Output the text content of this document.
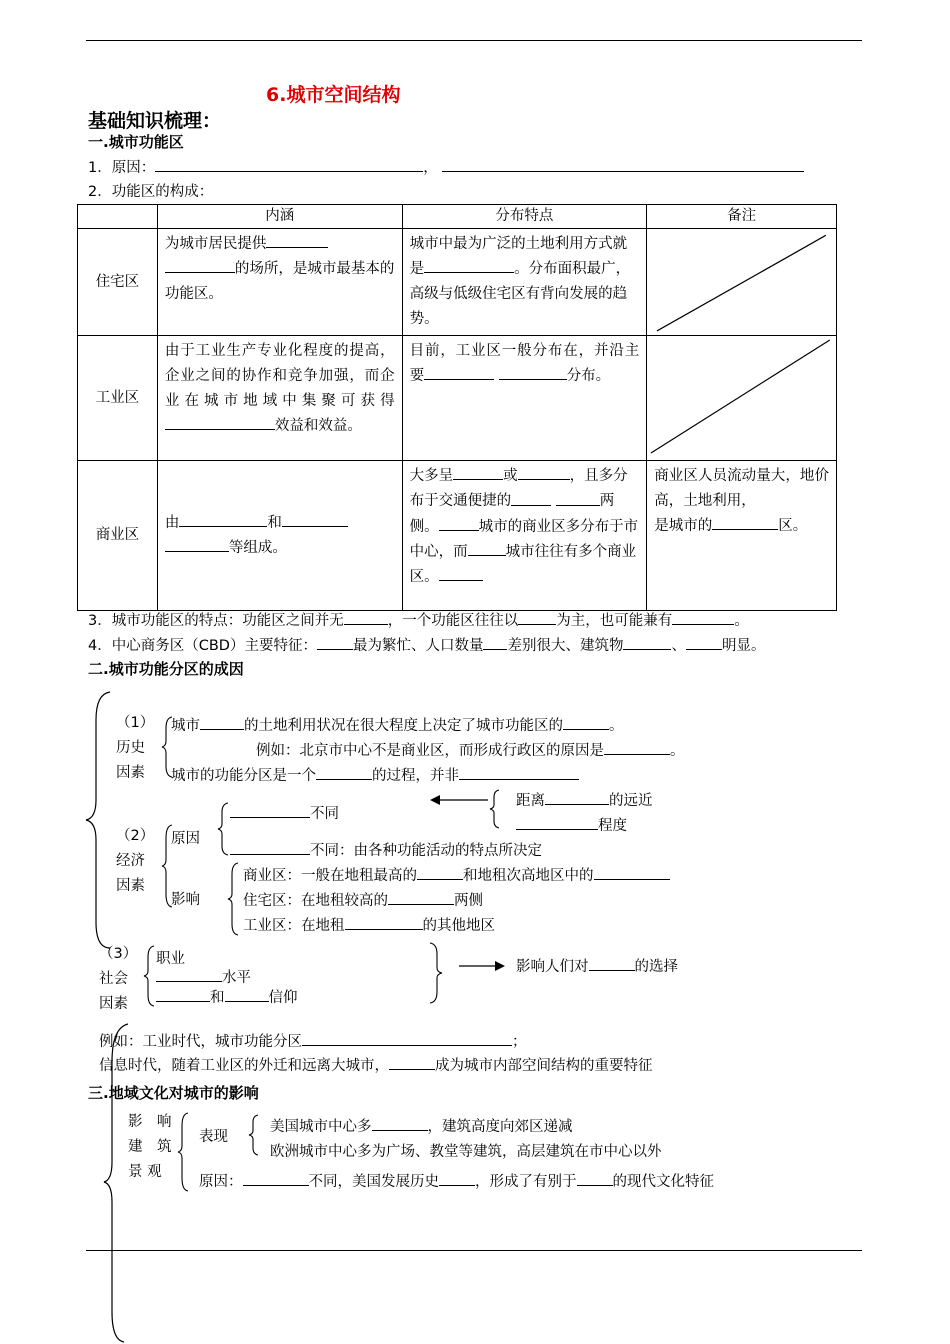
6.城市空间结构
基础知识梳理：
一.城市功能区
1．原因：	，
2．功能区的构成：
	内涵	分布特点	备注
住宅区	为城市居民提供 的场所，是城市最基本的功能区。	城市中最为广泛的土地利用方式就是 。分布面积最广，高级与低级住宅区有背向发展的趋势。	

工业区	由于工业生产专业化程度的提高，企业之间的协作和竞争加强，而企业在城市地域中集聚可获得效益和效益。	目前，工业区一般分布在，并沿主要 分布。	

商业区	由 和 等组成。	大多呈 或 ，且多分布于交通便捷的 两侧。 城市的商业区多分布于市中心，而 城市往往有多个商业区。	商业区人员流动量大，地价高，土地利用，
是城市的 区。
3．城市功能区的特点：功能区之间并无	，一个功能区往往以	为主，也可能兼有	。
4．中心商务区（CBD）主要特征： 最为繁忙、人口数量 差别很大、建筑物	、 明显。
二.城市功能分区的成因
（1）
历史
因素
城市	的土地利用状况在很大程度上决定了城市功能区的	。
例如：北京市中心不是商业区，而形成行政区的原因是	。
城市的功能分区是一个	的过程，并非
（2）
经济
因素
原因
影响
不同
距离	的远近
程度
不同：由各种功能活动的特点所决定
商业区：一般在地租最高的	和地租次高地区中的
住宅区：在地租较高的	两侧
工业区：在地租	的其他地区
（3）
社会
因素
职业
水平
和	信仰
影响人们对	的选择
例如：工业时代，城市功能分区	；
信息时代，随着工业区的外迁和远离大城市，	成为城市内部空间结构的重要特征
三.地域文化对城市的影响
影　响
建　筑
景 观
表现
美国城市中心多	，建筑高度向郊区递减
欧洲城市中心多为广场、教堂等建筑，高层建筑在市中心以外
原因：	不同，美国发展历史 ，形成了有别于 的现代文化特征
